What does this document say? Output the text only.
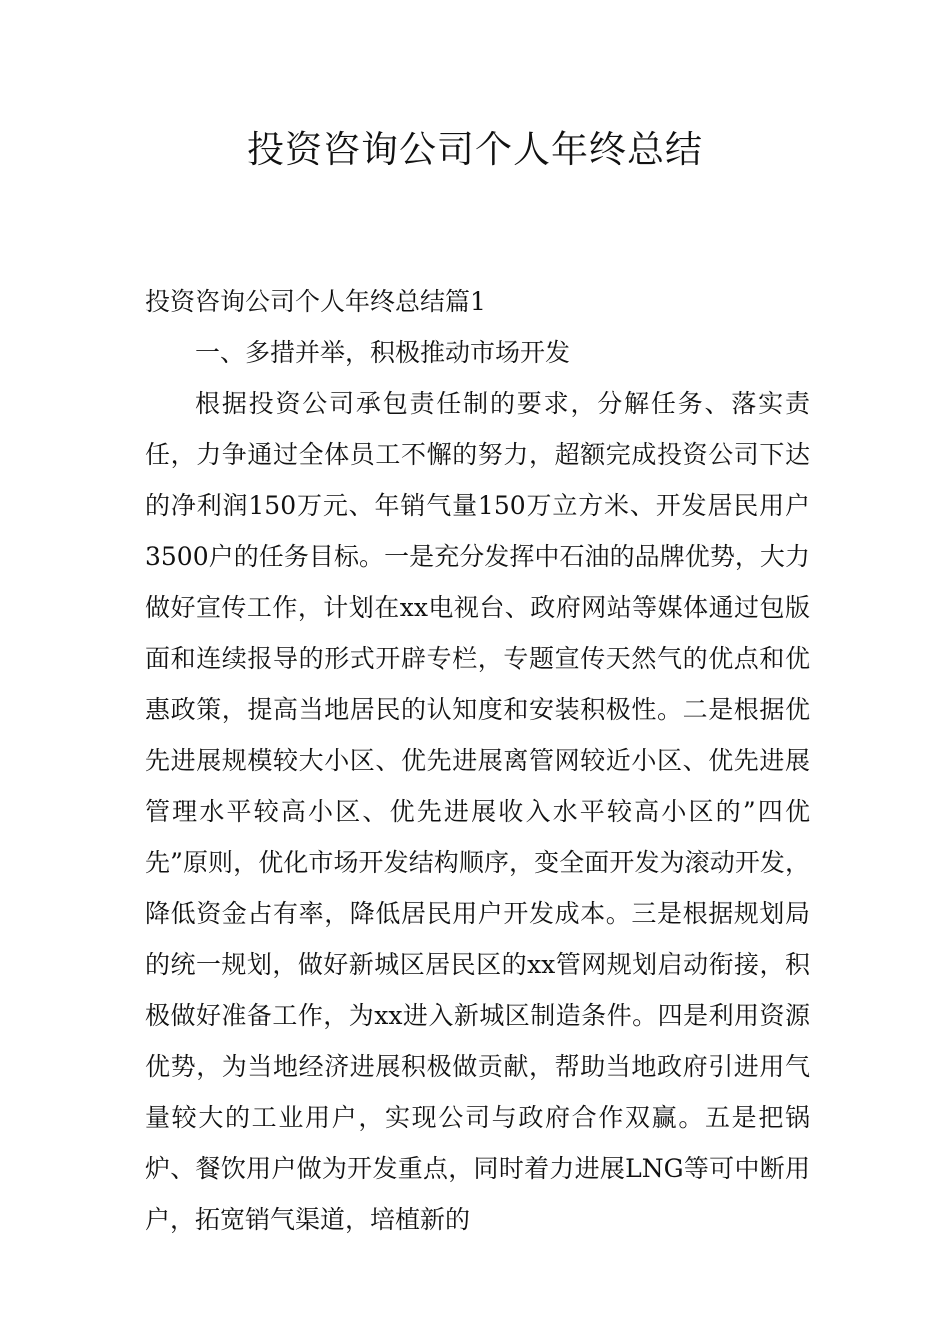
投资咨询公司个人年终总结

投资咨询公司个人年终总结篇1

一、多措并举，积极推动市场开发

根据投资公司承包责任制的要求，分解任务、落实责任，力争通过全体员工不懈的努力，超额完成投资公司下达的净利润150万元、年销气量150万立方米、开发居民用户3500户的任务目标。一是充分发挥中石油的品牌优势，大力做好宣传工作，计划在xx电视台、政府网站等媒体通过包版面和连续报导的形式开辟专栏，专题宣传天然气的优点和优惠政策，提高当地居民的认知度和安装积极性。二是根据优先进展规模较大小区、优先进展离管网较近小区、优先进展管理水平较高小区、优先进展收入水平较高小区的”四优先”原则，优化市场开发结构顺序，变全面开发为滚动开发，降低资金占有率，降低居民用户开发成本。三是根据规划局的统一规划，做好新城区居民区的xx管网规划启动衔接，积极做好准备工作，为xx进入新城区制造条件。四是利用资源优势，为当地经济进展积极做贡献，帮助当地政府引进用气量较大的工业用户，实现公司与政府合作双赢。五是把锅炉、餐饮用户做为开发重点，同时着力进展LNG等可中断用户，拓宽销气渠道，培植新的
